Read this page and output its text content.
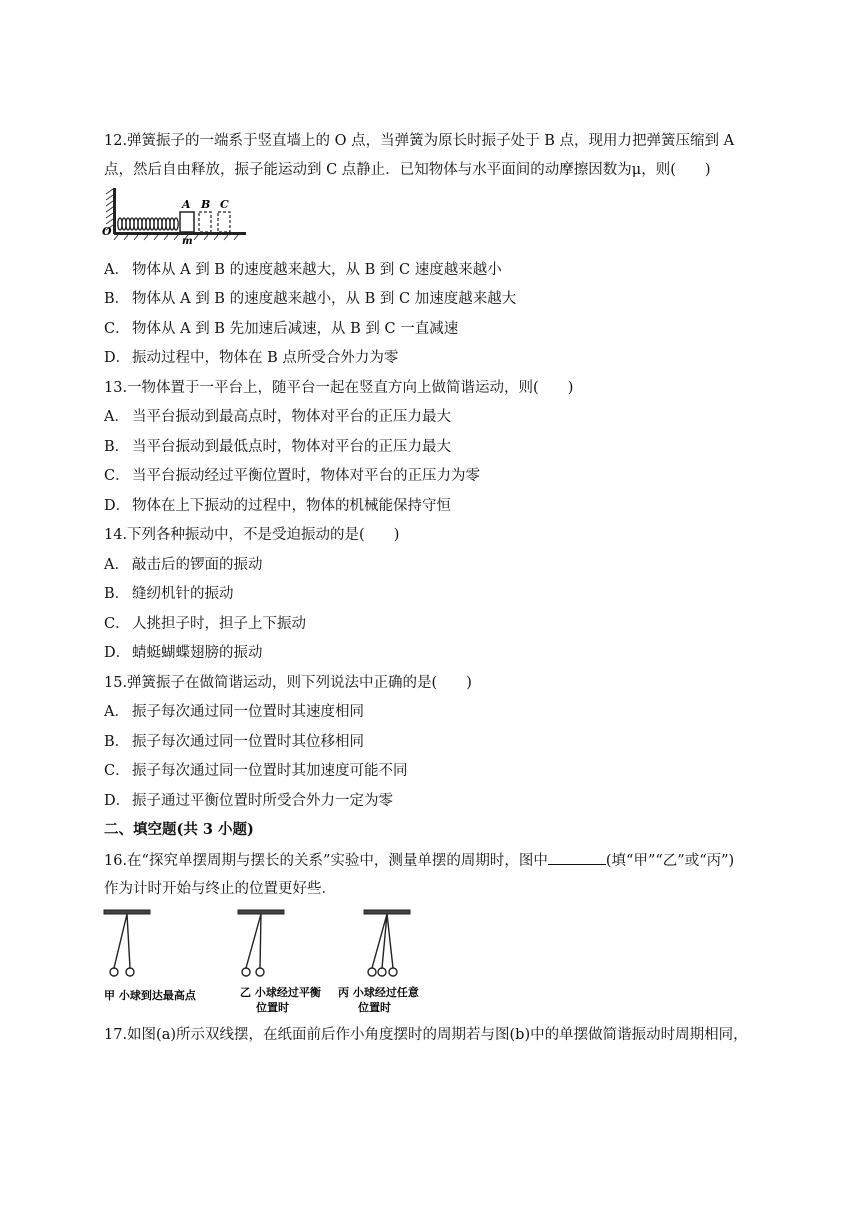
12.弹簧振子的一端系于竖直墙上的 O 点，当弹簧为原长时振子处于 B 点，现用力把弹簧压缩到 A
点，然后自由释放，振子能运动到 C 点静止．已知物体与水平面间的动摩擦因数为μ，则(　　)
O
A B C
m
A． 物体从 A 到 B 的速度越来越大，从 B 到 C 速度越来越小
B． 物体从 A 到 B 的速度越来越小，从 B 到 C 加速度越来越大
C． 物体从 A 到 B 先加速后减速，从 B 到 C 一直减速
D． 振动过程中，物体在 B 点所受合外力为零
13.一物体置于一平台上，随平台一起在竖直方向上做简谐运动，则(　　)
A． 当平台振动到最高点时，物体对平台的正压力最大
B． 当平台振动到最低点时，物体对平台的正压力最大
C． 当平台振动经过平衡位置时，物体对平台的正压力为零
D． 物体在上下振动的过程中，物体的机械能保持守恒
14.下列各种振动中，不是受迫振动的是(　　)
A． 敲击后的锣面的振动
B． 缝纫机针的振动
C． 人挑担子时，担子上下振动
D． 蜻蜓蝴蝶翅膀的振动
15.弹簧振子在做简谐运动，则下列说法中正确的是(　　)
A． 振子每次通过同一位置时其速度相同
B． 振子每次通过同一位置时其位移相同
C． 振子每次通过同一位置时其加速度可能不同
D． 振子通过平衡位置时所受合外力一定为零
二、填空题(共 3 小题)
16.在“探究单摆周期与摆长的关系”实验中，测量单摆的周期时，图中	(填“甲”“乙”或“丙”)
作为计时开始与终止的位置更好些．
甲 小球到达最高点	乙 小球经过平衡
位置时
丙 小球经过任意
位置时
17.如图(a)所示双线摆，在纸面前后作小角度摆时的周期若与图(b)中的单摆做简谐振动时周期相同，
